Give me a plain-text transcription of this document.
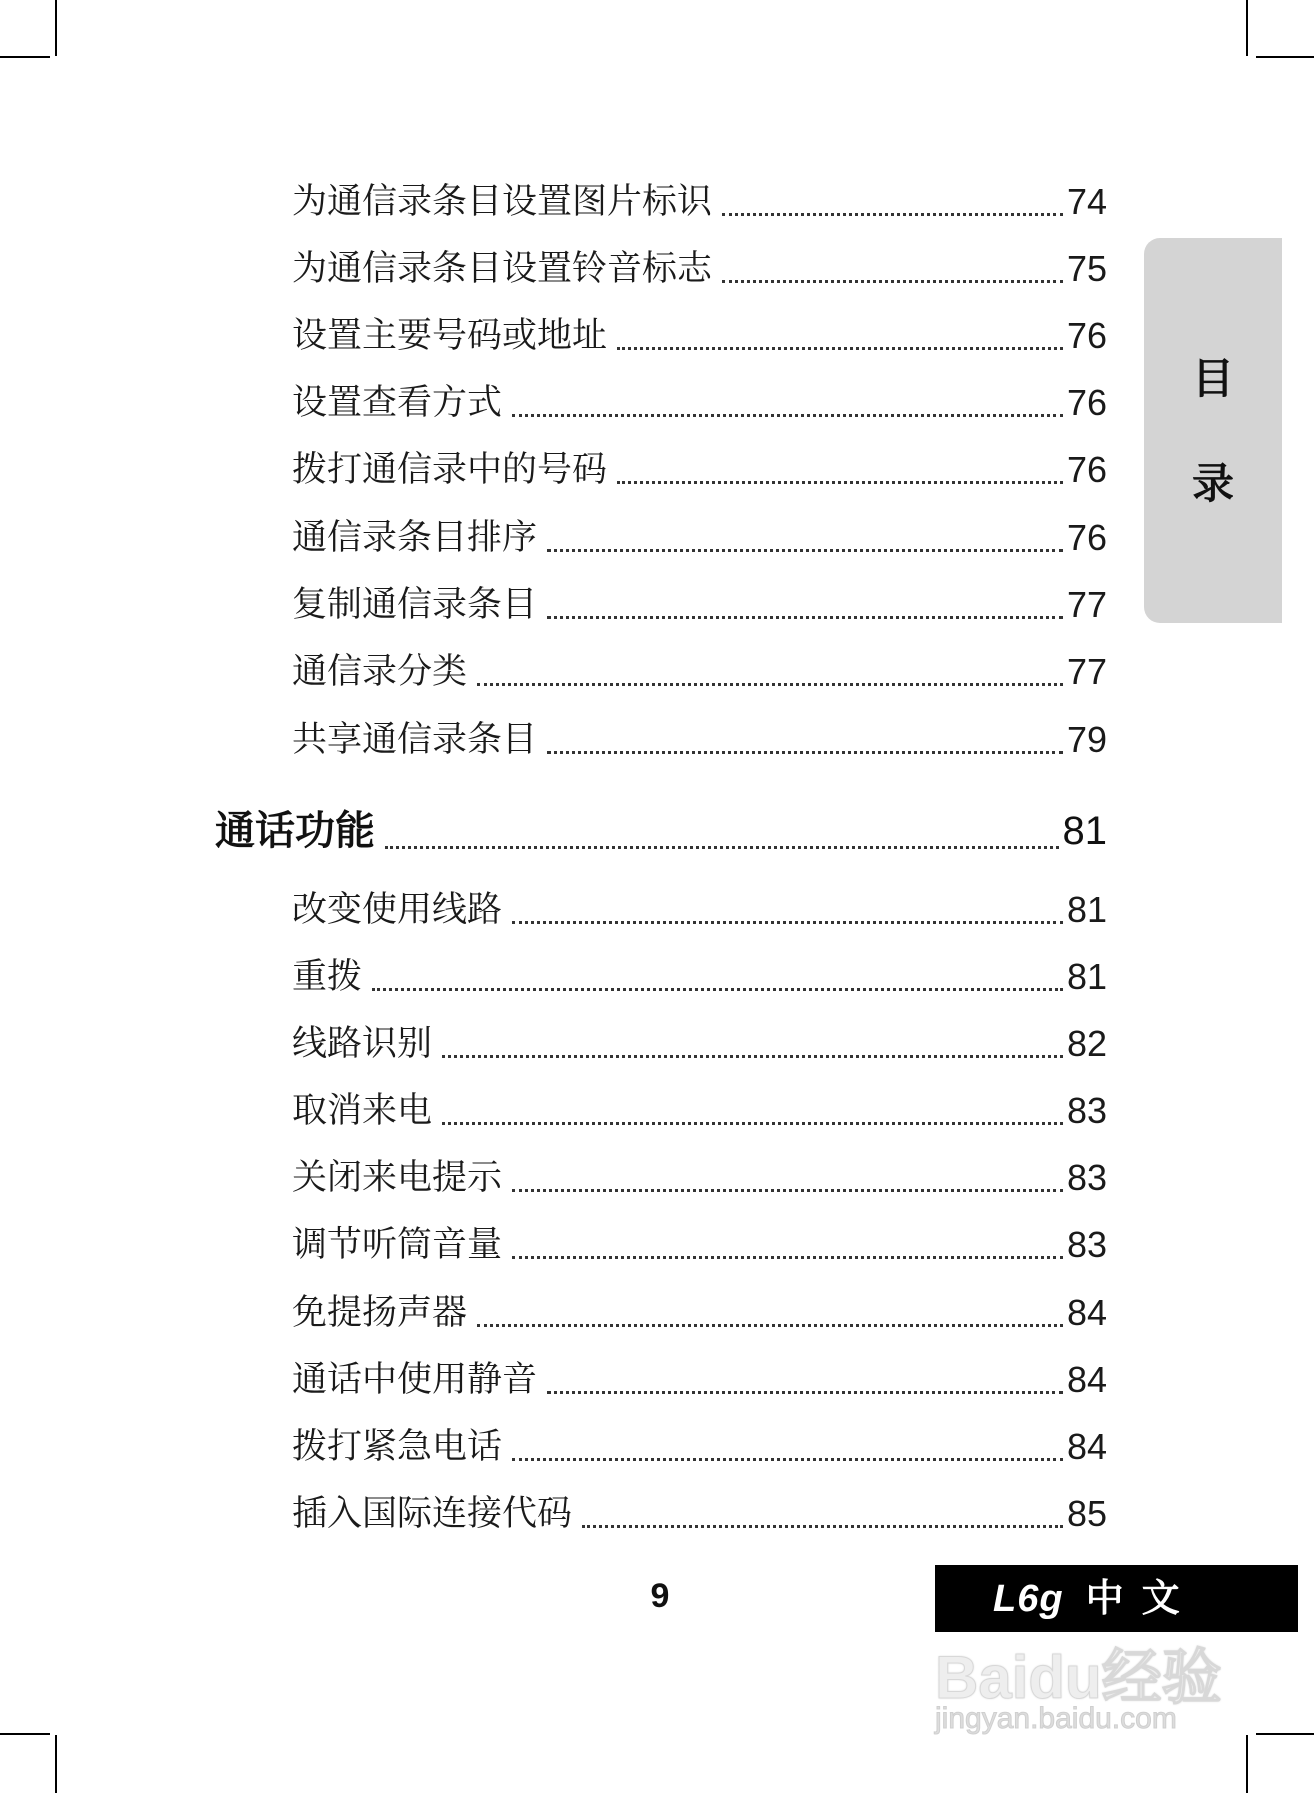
为通信录条目设置图片标识	74
为通信录条目设置铃音标志	75
设置主要号码或地址	76
设置查看方式	76
拨打通信录中的号码	76
通信录条目排序	76
复制通信录条目	77
通信录分类	77
共享通信录条目	79
通话功能	81
改变使用线路	81
重拨	81
线路识别	82
取消来电	83
关闭来电提示	83
调节听筒音量	83
免提扬声器	84
通话中使用静音	84
拨打紧急电话	84
插入国际连接代码	85
目
录
9	L6g 中文
Baidu经验
jingyan.baidu.com
